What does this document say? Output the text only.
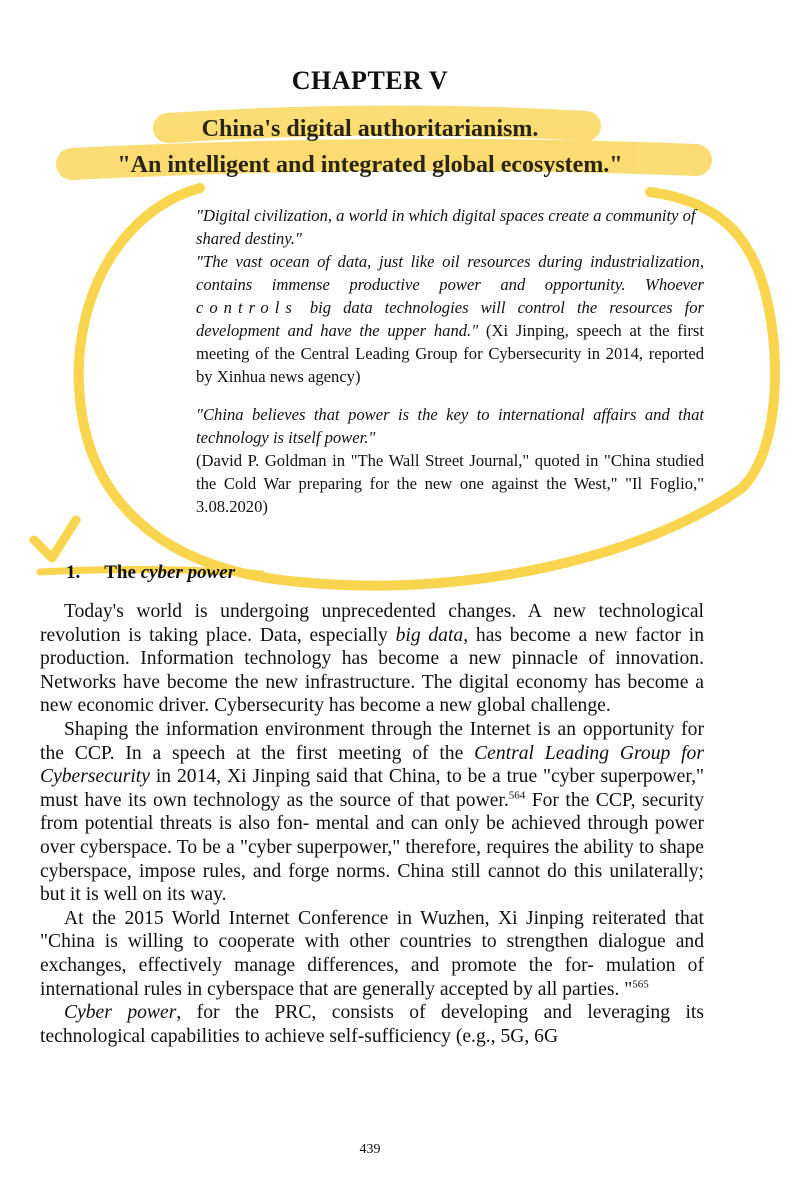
CHAPTER V
China's digital authoritarianism.
"An intelligent and integrated global ecosystem."

"Digital civilization, a world in which digital spaces create a community of shared destiny."

"The vast ocean of data, just like oil resources during industrialization, contains immense productive power and opportunity. Whoever controls big data technologies will control the resources for development and have the upper hand." (Xi Jinping, speech at the first meeting of the Central Leading Group for Cybersecurity in 2014, reported by Xinhua news agency)

"China believes that power is the key to international affairs and that technology is itself power."

(David P. Goldman in "The Wall Street Journal," quoted in "China studied the Cold War preparing for the new one against the West," "Il Foglio," 3.08.2020)

1. The cyber power

Today's world is undergoing unprecedented changes. A new technological revolution is taking place. Data, especially big data, has become a new factor in production. Information technology has become a new pinnacle of innovation. Networks have become the new infrastructure. The digital economy has become a new economic driver. Cybersecurity has become a new global challenge.

Shaping the information environment through the Internet is an opportunity for the CCP. In a speech at the first meeting of the Central Leading Group for Cybersecurity in 2014, Xi Jinping said that China, to be a true "cyber superpower," must have its own technology as the source of that power.$^{564}$ For the CCP, security from potential threats is also fon- mental and can only be achieved through power over cyberspace. To be a "cyber superpower," therefore, requires the ability to shape cyberspace, impose rules, and forge norms. China still cannot do this unilaterally; but it is well on its way.

At the 2015 World Internet Conference in Wuzhen, Xi Jinping reiterated that "China is willing to cooperate with other countries to strengthen dialogue and exchanges, effectively manage differences, and promote the for- mulation of international rules in cyberspace that are generally accepted by all parties. "$^{565}$

Cyber power, for the PRC, consists of developing and leveraging its technological capabilities to achieve self-sufficiency (e.g., 5G, 6G

439
